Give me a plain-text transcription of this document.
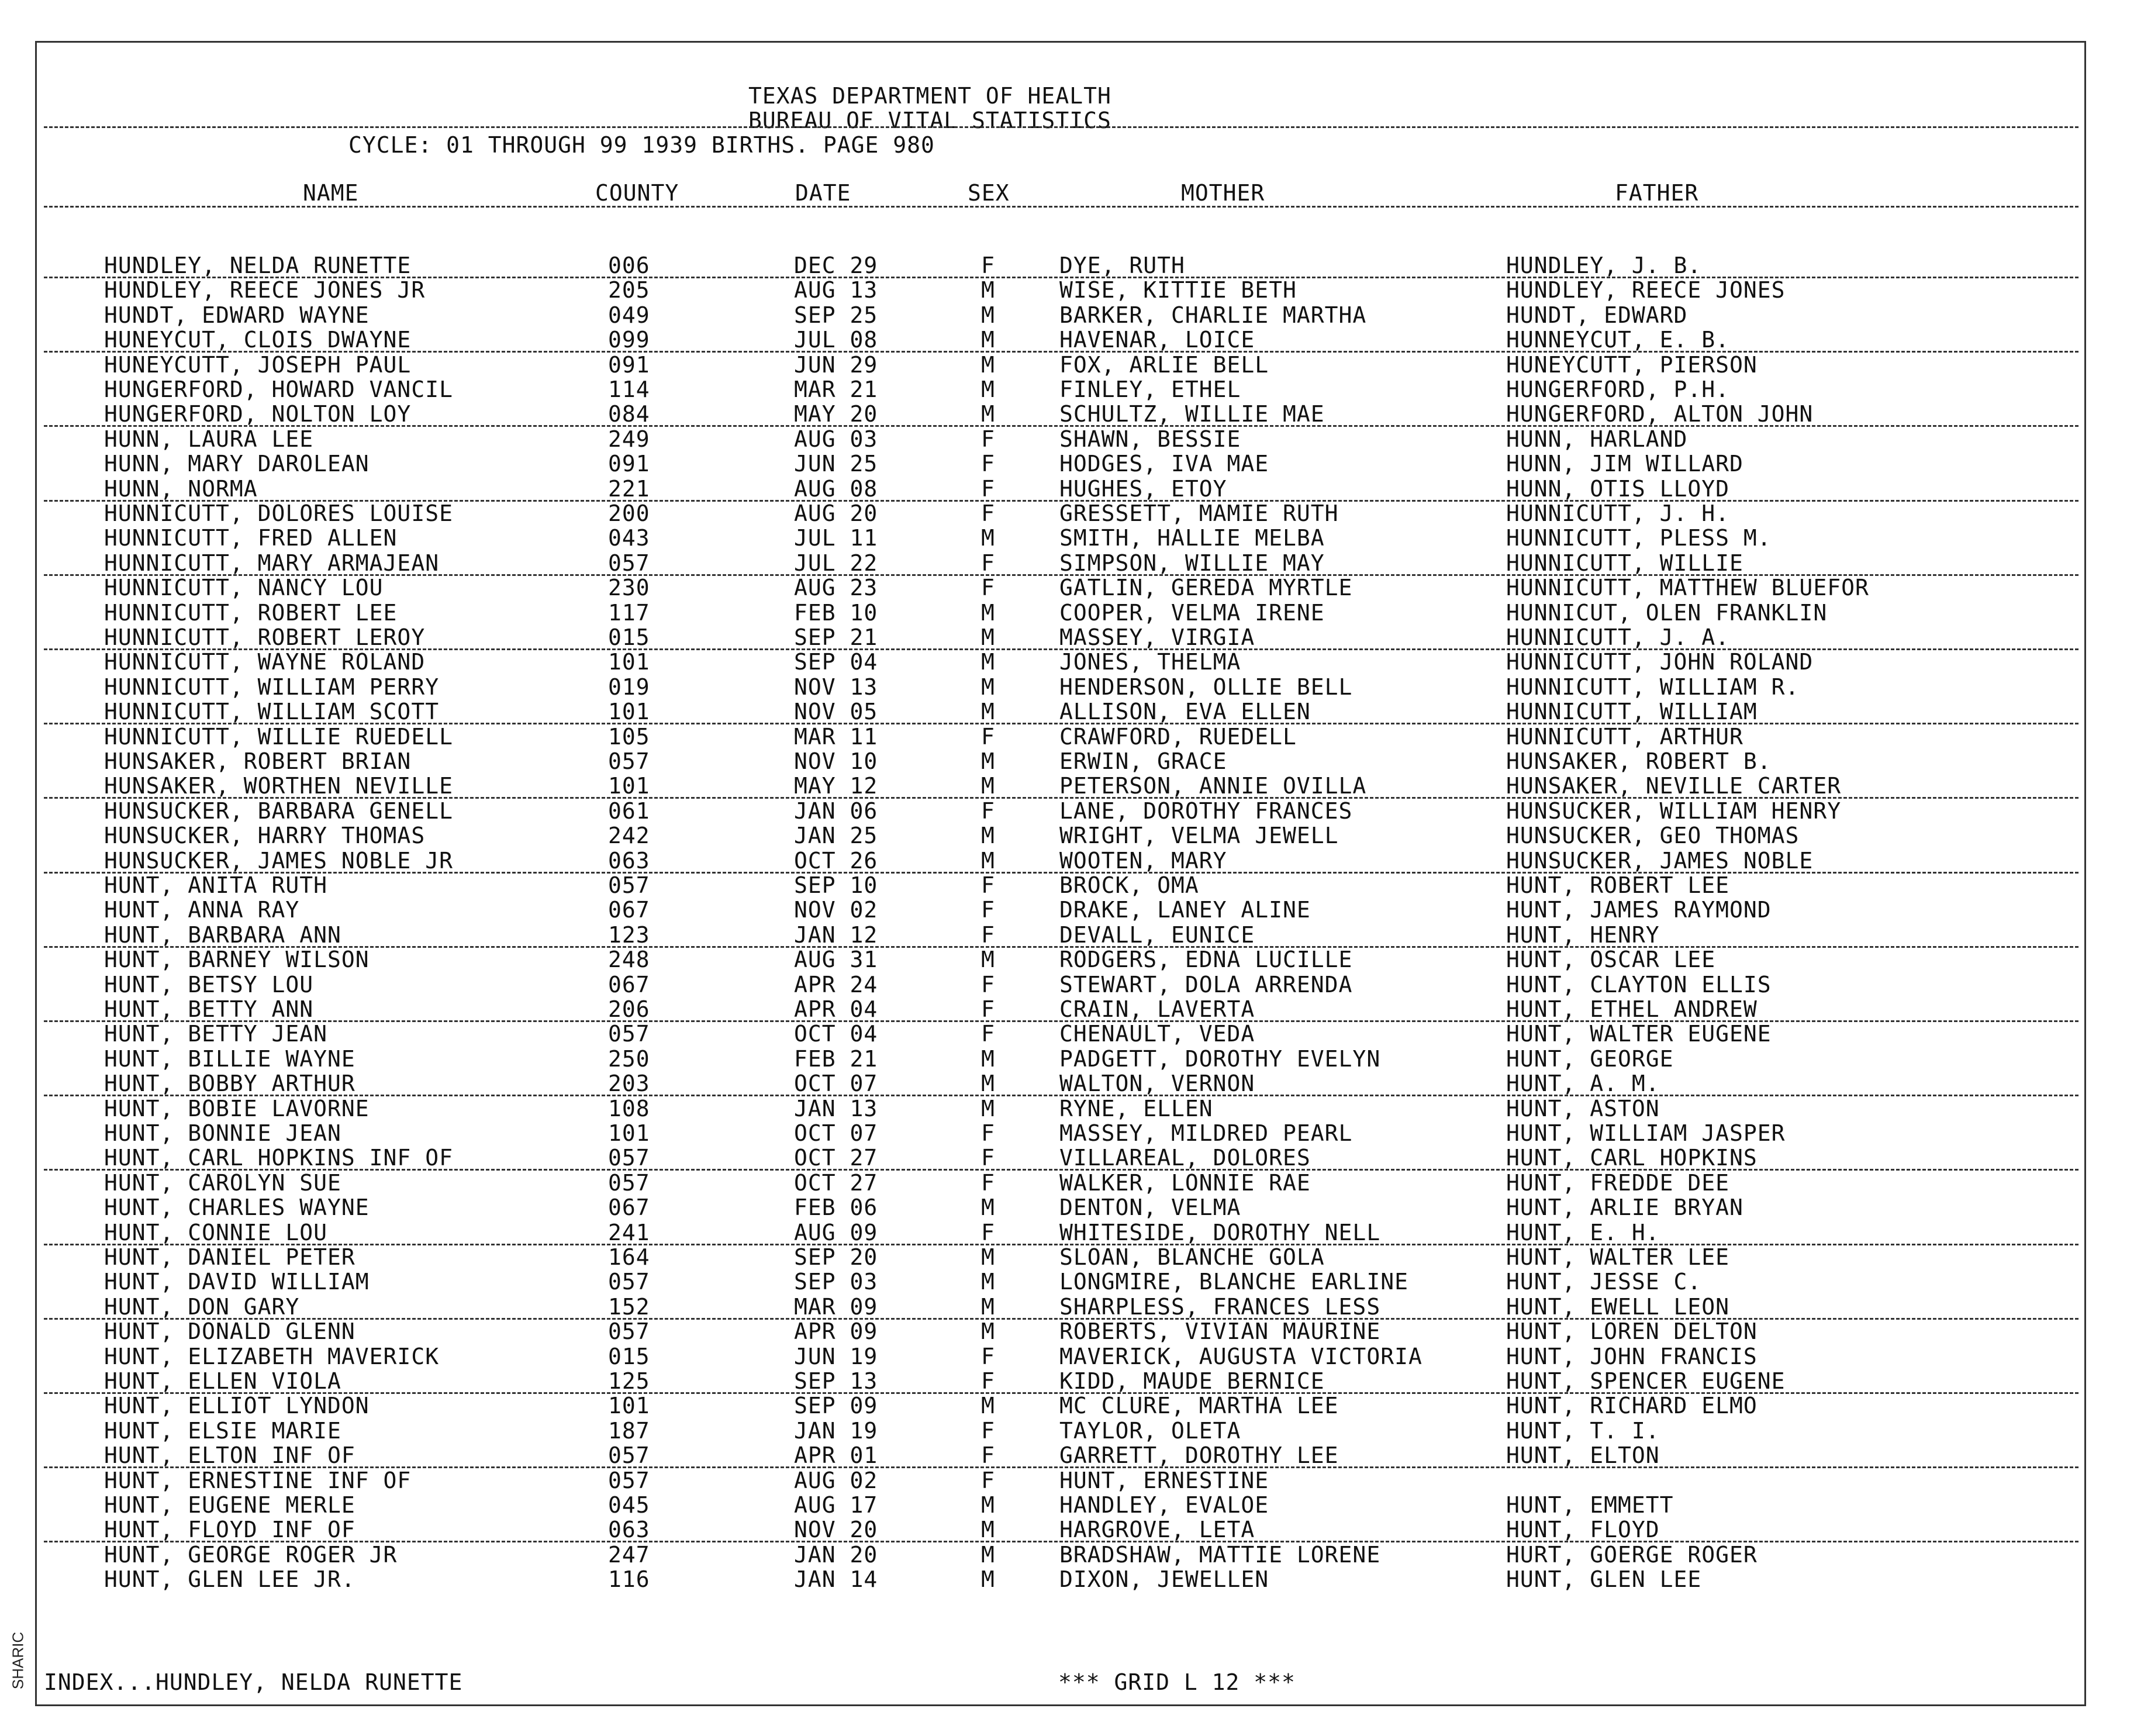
SHARIC
TEXAS DEPARTMENT OF HEALTH
BUREAU OF VITAL STATISTICS
CYCLE: 01 THROUGH 99 1939 BIRTHS. PAGE 980
NAME	COUNTY	DATE	SEX	MOTHER	FATHER
HUNDLEY, NELDA RUNETTE	006	DEC 29	F	DYE, RUTH	HUNDLEY, J. B.
HUNDLEY, REECE JONES JR	205	AUG 13	M	WISE, KITTIE BETH	HUNDLEY, REECE JONES
HUNDT, EDWARD WAYNE	049	SEP 25	M	BARKER, CHARLIE MARTHA	HUNDT, EDWARD
HUNEYCUT, CLOIS DWAYNE	099	JUL 08	M	HAVENAR, LOICE	HUNNEYCUT, E. B.
HUNEYCUTT, JOSEPH PAUL	091	JUN 29	M	FOX, ARLIE BELL	HUNEYCUTT, PIERSON
HUNGERFORD, HOWARD VANCIL	114	MAR 21	M	FINLEY, ETHEL	HUNGERFORD, P.H.
HUNGERFORD, NOLTON LOY	084	MAY 20	M	SCHULTZ, WILLIE MAE	HUNGERFORD, ALTON JOHN
HUNN, LAURA LEE	249	AUG 03	F	SHAWN, BESSIE	HUNN, HARLAND
HUNN, MARY DAROLEAN	091	JUN 25	F	HODGES, IVA MAE	HUNN, JIM WILLARD
HUNN, NORMA	221	AUG 08	F	HUGHES, ETOY	HUNN, OTIS LLOYD
HUNNICUTT, DOLORES LOUISE	200	AUG 20	F	GRESSETT, MAMIE RUTH	HUNNICUTT, J. H.
HUNNICUTT, FRED ALLEN	043	JUL 11	M	SMITH, HALLIE MELBA	HUNNICUTT, PLESS M.
HUNNICUTT, MARY ARMAJEAN	057	JUL 22	F	SIMPSON, WILLIE MAY	HUNNICUTT, WILLIE
HUNNICUTT, NANCY LOU	230	AUG 23	F	GATLIN, GEREDA MYRTLE	HUNNICUTT, MATTHEW BLUEFOR
HUNNICUTT, ROBERT LEE	117	FEB 10	M	COOPER, VELMA IRENE	HUNNICUT, OLEN FRANKLIN
HUNNICUTT, ROBERT LEROY	015	SEP 21	M	MASSEY, VIRGIA	HUNNICUTT, J. A.
HUNNICUTT, WAYNE ROLAND	101	SEP 04	M	JONES, THELMA	HUNNICUTT, JOHN ROLAND
HUNNICUTT, WILLIAM PERRY	019	NOV 13	M	HENDERSON, OLLIE BELL	HUNNICUTT, WILLIAM R.
HUNNICUTT, WILLIAM SCOTT	101	NOV 05	M	ALLISON, EVA ELLEN	HUNNICUTT, WILLIAM
HUNNICUTT, WILLIE RUEDELL	105	MAR 11	F	CRAWFORD, RUEDELL	HUNNICUTT, ARTHUR
HUNSAKER, ROBERT BRIAN	057	NOV 10	M	ERWIN, GRACE	HUNSAKER, ROBERT B.
HUNSAKER, WORTHEN NEVILLE	101	MAY 12	M	PETERSON, ANNIE OVILLA	HUNSAKER, NEVILLE CARTER
HUNSUCKER, BARBARA GENELL	061	JAN 06	F	LANE, DOROTHY FRANCES	HUNSUCKER, WILLIAM HENRY
HUNSUCKER, HARRY THOMAS	242	JAN 25	M	WRIGHT, VELMA JEWELL	HUNSUCKER, GEO THOMAS
HUNSUCKER, JAMES NOBLE JR	063	OCT 26	M	WOOTEN, MARY	HUNSUCKER, JAMES NOBLE
HUNT, ANITA RUTH	057	SEP 10	F	BROCK, OMA	HUNT, ROBERT LEE
HUNT, ANNA RAY	067	NOV 02	F	DRAKE, LANEY ALINE	HUNT, JAMES RAYMOND
HUNT, BARBARA ANN	123	JAN 12	F	DEVALL, EUNICE	HUNT, HENRY
HUNT, BARNEY WILSON	248	AUG 31	M	RODGERS, EDNA LUCILLE	HUNT, OSCAR LEE
HUNT, BETSY LOU	067	APR 24	F	STEWART, DOLA ARRENDA	HUNT, CLAYTON ELLIS
HUNT, BETTY ANN	206	APR 04	F	CRAIN, LAVERTA	HUNT, ETHEL ANDREW
HUNT, BETTY JEAN	057	OCT 04	F	CHENAULT, VEDA	HUNT, WALTER EUGENE
HUNT, BILLIE WAYNE	250	FEB 21	M	PADGETT, DOROTHY EVELYN	HUNT, GEORGE
HUNT, BOBBY ARTHUR	203	OCT 07	M	WALTON, VERNON	HUNT, A. M.
HUNT, BOBIE LAVORNE	108	JAN 13	M	RYNE, ELLEN	HUNT, ASTON
HUNT, BONNIE JEAN	101	OCT 07	F	MASSEY, MILDRED PEARL	HUNT, WILLIAM JASPER
HUNT, CARL HOPKINS INF OF	057	OCT 27	F	VILLAREAL, DOLORES	HUNT, CARL HOPKINS
HUNT, CAROLYN SUE	057	OCT 27	F	WALKER, LONNIE RAE	HUNT, FREDDE DEE
HUNT, CHARLES WAYNE	067	FEB 06	M	DENTON, VELMA	HUNT, ARLIE BRYAN
HUNT, CONNIE LOU	241	AUG 09	F	WHITESIDE, DOROTHY NELL	HUNT, E. H.
HUNT, DANIEL PETER	164	SEP 20	M	SLOAN, BLANCHE GOLA	HUNT, WALTER LEE
HUNT, DAVID WILLIAM	057	SEP 03	M	LONGMIRE, BLANCHE EARLINE	HUNT, JESSE C.
HUNT, DON GARY	152	MAR 09	M	SHARPLESS, FRANCES LESS	HUNT, EWELL LEON
HUNT, DONALD GLENN	057	APR 09	M	ROBERTS, VIVIAN MAURINE	HUNT, LOREN DELTON
HUNT, ELIZABETH MAVERICK	015	JUN 19	F	MAVERICK, AUGUSTA VICTORIA	HUNT, JOHN FRANCIS
HUNT, ELLEN VIOLA	125	SEP 13	F	KIDD, MAUDE BERNICE	HUNT, SPENCER EUGENE
HUNT, ELLIOT LYNDON	101	SEP 09	M	MC CLURE, MARTHA LEE	HUNT, RICHARD ELMO
HUNT, ELSIE MARIE	187	JAN 19	F	TAYLOR, OLETA	HUNT, T. I.
HUNT, ELTON INF OF	057	APR 01	F	GARRETT, DOROTHY LEE	HUNT, ELTON
HUNT, ERNESTINE INF OF	057	AUG 02	F	HUNT, ERNESTINE
HUNT, EUGENE MERLE	045	AUG 17	M	HANDLEY, EVALOE	HUNT, EMMETT
HUNT, FLOYD INF OF	063	NOV 20	M	HARGROVE, LETA	HUNT, FLOYD
HUNT, GEORGE ROGER JR	247	JAN 20	M	BRADSHAW, MATTIE LORENE	HURT, GOERGE ROGER
HUNT, GLEN LEE JR.	116	JAN 14	M	DIXON, JEWELLEN	HUNT, GLEN LEE
INDEX...HUNDLEY, NELDA RUNETTE	*** GRID L 12 ***
